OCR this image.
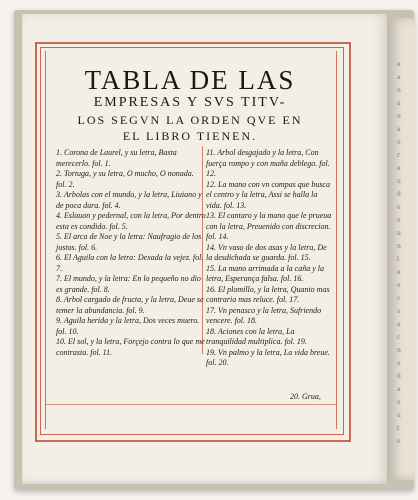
a
a
n
a
n
a
o
r
a
u
d
e
e
n
n
l
a
e
c
s
a
c
n
e
d
a
e
u
t
e
TABLA DE LAS
EMPRESAS Y SVS TITV-
LOS SEGVN LA ORDEN QVE EN
EL LIBRO TIENEN.

1. Corona de Laurel, y su letra, Basta merecerlo. fol. 1.

2. Tortuga, y su letra, O mucho, O nonada. fol. 2.

3. Arbolas con el mundo, y la letra, Liuiano y de poca dura. fol. 4.

4. Eslauon y pedernal, con la letra, Por dentro esta es condido. fol. 5.

5. El arca de Noe y la letra: Naufragio de los justos. fol. 6.

6. El Aguila con la letra: Dexada la vejez. fol. 7.

7. El mundo, y la letra: En lo pequeño no dio es grande. fol. 8.

8. Arbol cargado de fructa, y la letra, Deue se temer la abundancia. fol. 9.

9. Aguila herida y la letra, Dos veces muero. fol. 10.

10. El sol, y la letra, Forçejo contra lo que me contrasta. fol. 11.

11. Arbol desgajado y la letra, Con fuerça rompo y con maña deblego. fol. 12.

12. La mano con vn compas que busca el centro y la letra, Assi se halla la vida. fol. 13.

13. El cantaro y la mano que le prueua con la letra, Preuenido con discrecion. fol. 14.

14. Vn vaso de dos asas y la letra, De la desdichada se guarda. fol. 15.

15. La mano arrimada a la caña y la letra, Esperança falsa. fol. 16.

16. El plomillo, y la letra, Quanto mas contraria mas reluce. fol. 17.

17. Vn penasco y la letra, Sufriendo vencere. fol. 18.

18. Aciones con la letra, La tranquilidad multiplica. fol. 19.

19. Vn palmo y la letra, La vida breue. fol. 20.

20. Grua,
